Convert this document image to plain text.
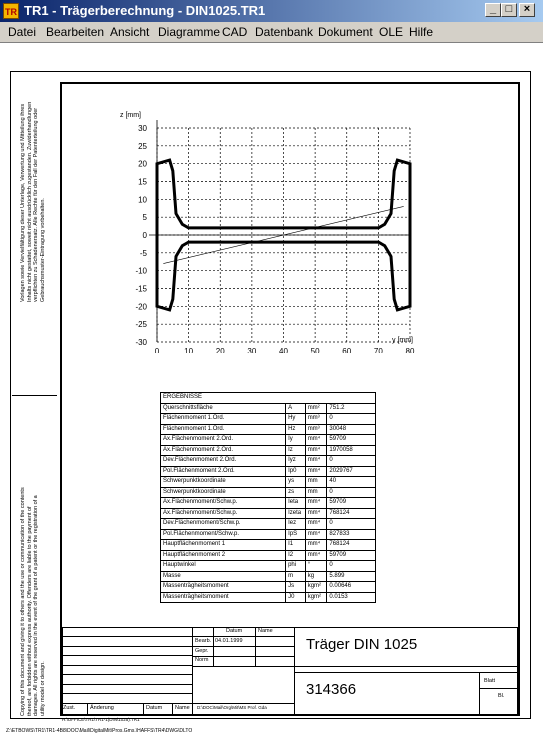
TR TR1 - Trägerberechnung - DIN1025.TR1	_ □	×
Datei Bearbeiten Ansicht Diagramme CAD Datenbank Dokument OLE Hilfe
Vorlagen sowie Vervielfältigung dieser Unterlage, Verwertung und Mitteilung ihres Inhalts nicht gestattet, soweit nicht ausdrücklich zugestanden. Zuwiderhandlungen verpflichten zu Schadenersatz. Alle Rechte für den Fall der Patenterteilung oder Gebrauchsmuster-Eintragung vorbehalten.
Copying of this document and giving it to others and the use or communication of the contents thereof, are forbidden without express authority. Offenders are liable to the payment of damages. All rights are reserved in the event of the grant of a patent or the registration of a utility model or design.
z [mm]
y [mm]
0	10	20	30	40	50	60	70	80
30
25
20
15
10
5
0
-5
-10
-15
-20
-25
-30
ERGEBNISSE			
Querschnittsfläche	A	mm²	751.2
Flächenmoment 1.Ord.	Hy	mm³	0
Flächenmoment 1.Ord.	Hz	mm³	30048
Ax.Flächenmoment 2.Ord.	Iy	mm⁴	59709
Ax.Flächenmoment 2.Ord.	Iz	mm⁴	1970058
Dev.Flächenmoment 2.Ord.	Iyz	mm⁴	0
Pol.Flächenmoment 2.Ord.	Ip0	mm⁴	2029767
Schwerpunktkoordinate	ys	mm	40
Schwerpunktkoordinate	zs	mm	0
Ax.Flächenmoment/Schw.p.	Ieta	mm⁴	59709
Ax.Flächenmoment/Schw.p.	Izeta	mm⁴	768124
Dev.Flächenmoment/Schw.p.	Iez	mm⁴	0
Pol.Flächenmoment/Schw.p.	IpS	mm⁴	827833
Hauptflächenmoment 1	I1	mm⁴	768124
Hauptflächenmoment 2	I2	mm⁴	59709
Hauptwinkel	phi	°	0
Masse	m	kg	5.899
Massenträgheitsmoment	Js	kgm²	0.00646
Massenträgheitsmoment	J0	kgm²	0.0153
Datum	Name
Bearb. 04.01.1999
Gepr.
Norm
Träger DIN 1025
314366	Blatt
Bl.
Zust.	Änderung	Datum Name D:\DOC\Mail\Org\Mit\MS Prof. Gda
H:\OFFICE\TR1\TR1-1(DIN\1025).TR1
Z:\ETBOWS\TR1\TR1-4B8\DOC\Mail\DigitalMit\Pros.Gms.\HAFFS\TR4\DWG\DLTO
